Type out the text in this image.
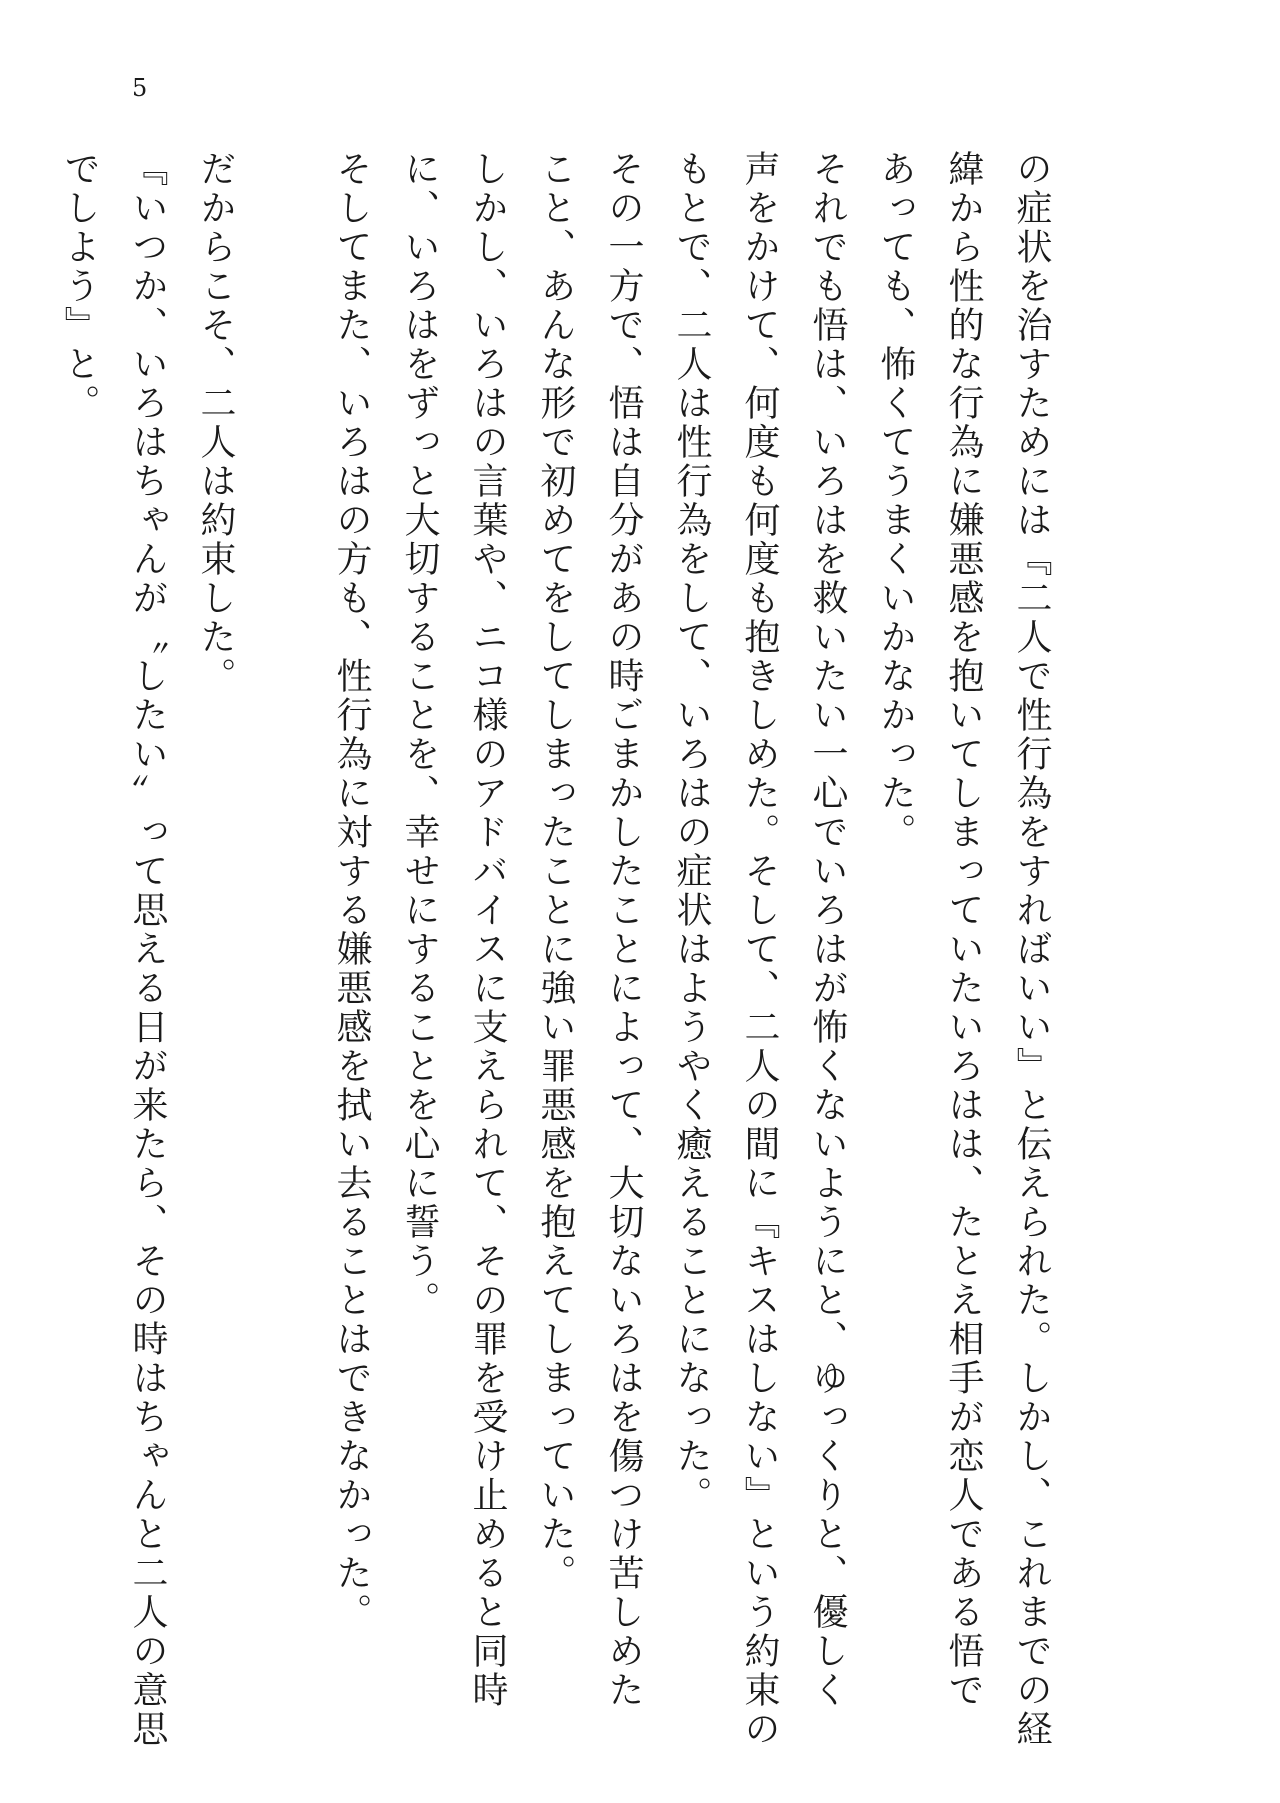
5
の症状を治すためには『二人で性行為をすればいい』と伝えられた。しかし、これまでの経
緯から性的な行為に嫌悪感を抱いてしまっていたいろはは、たとえ相手が恋人である悟で
あっても、怖くてうまくいかなかった。
それでも悟は、いろはを救いたい一心でいろはが怖くないようにと、ゆっくりと、優しく
声をかけて、何度も何度も抱きしめた。そして、二人の間に『キスはしない』という約束の
もとで、二人は性行為をして、いろはの症状はようやく癒えることになった。
その一方で、悟は自分があの時ごまかしたことによって、大切ないろはを傷つけ苦しめた
こと、あんな形で初めてをしてしまったことに強い罪悪感を抱えてしまっていた。
しかし、いろはの言葉や、ニコ様のアドバイスに支えられて、その罪を受け止めると同時
に、いろはをずっと大切することを、幸せにすることを心に誓う。
そしてまた、いろはの方も、性行為に対する嫌悪感を拭い去ることはできなかった。
だからこそ、二人は約束した。
『いつか、いろはちゃんが〝したい〟って思える日が来たら、その時はちゃんと二人の意思
でしよう』と。
